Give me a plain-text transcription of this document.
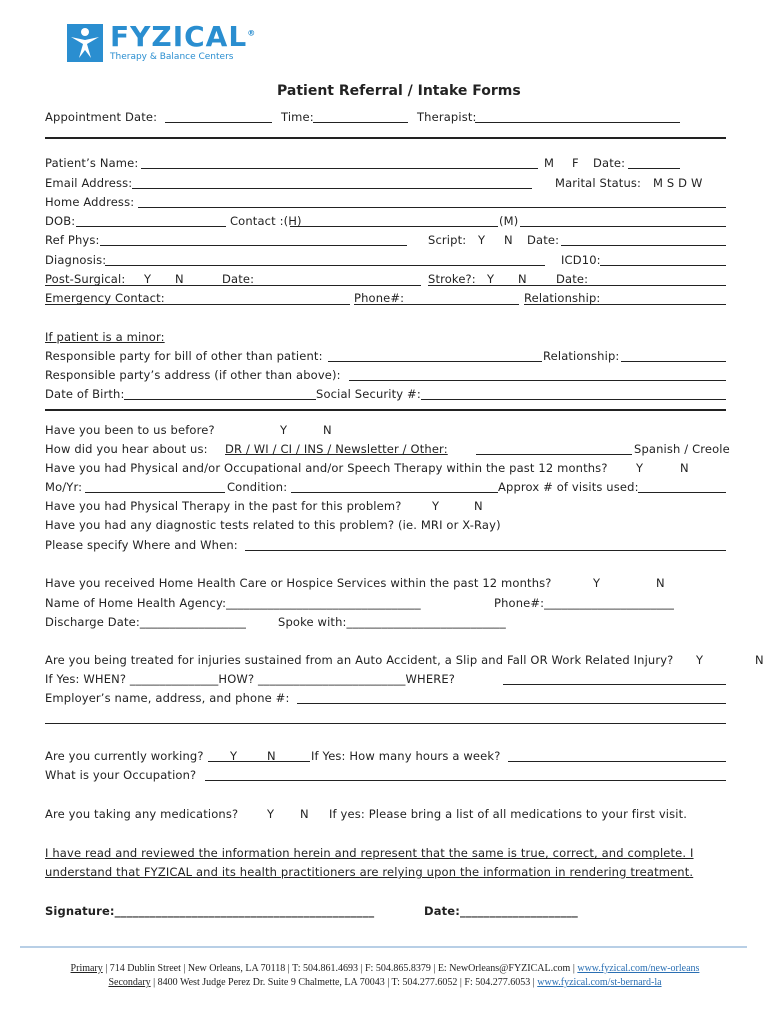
FYZICAL®
Therapy & Balance Centers
Patient Referral / Intake Forms
Appointment Date:	Time:	Therapist:
Patient’s Name:	M F Date:
Email Address:	Marital Status: M S D W
Home Address:
DOB:	Contact :(H)	(M)
Ref Phys:	Script: Y N Date:
Diagnosis:	ICD10:
Post-Surgical: Y N	Date:	Stroke?: Y N	Date:
Emergency Contact:	Phone#:	Relationship:
If patient is a minor:
Responsible party for bill of other than patient:	Relationship:
Responsible party’s address (if other than above):
Date of Birth:	Social Security #:
Have you been to us before?	Y	N
How did you hear about us: DR / WI / CI / INS / Newsletter / Other:	Spanish / Creole
Have you had Physical and/or Occupational and/or Speech Therapy within the past 12 months? Y	N
Mo/Yr:	Condition:	Approx # of visits used:
Have you had Physical Therapy in the past for this problem?	Y	N
Have you had any diagnostic tests related to this problem? (ie. MRI or X-Ray)
Please specify Where and When:
Have you received Home Health Care or Hospice Services within the past 12 months?	Y	N
Name of Home Health Agency:_________________________________	Phone#:______________________
Discharge Date:__________________	Spoke with:___________________________
Are you being treated for injuries sustained from an Auto Accident, a Slip and Fall OR Work Related Injury? Y	N
If Yes: WHEN? _______________HOW? _________________________WHERE?
Employer’s name, address, and phone #:
Are you currently working? Y	N	If Yes: How many hours a week?
What is your Occupation?
Are you taking any medications?	Y N If yes: Please bring a list of all medications to your first visit.
I have read and reviewed the information herein and represent that the same is true, correct, and complete. I
understand that FYZICAL and its health practitioners are relying upon the information in rendering treatment.
Signature:____________________________________________	Date:____________________
Primary | 714 Dublin Street | New Orleans, LA 70118 | T: 504.861.4693 | F: 504.865.8379 | E: NewOrleans@FYZICAL.com | www.fyzical.com/new-orleans
Secondary | 8400 West Judge Perez Dr. Suite 9 Chalmette, LA 70043 | T: 504.277.6052 | F: 504.277.6053 | www.fyzical.com/st-bernard-la
